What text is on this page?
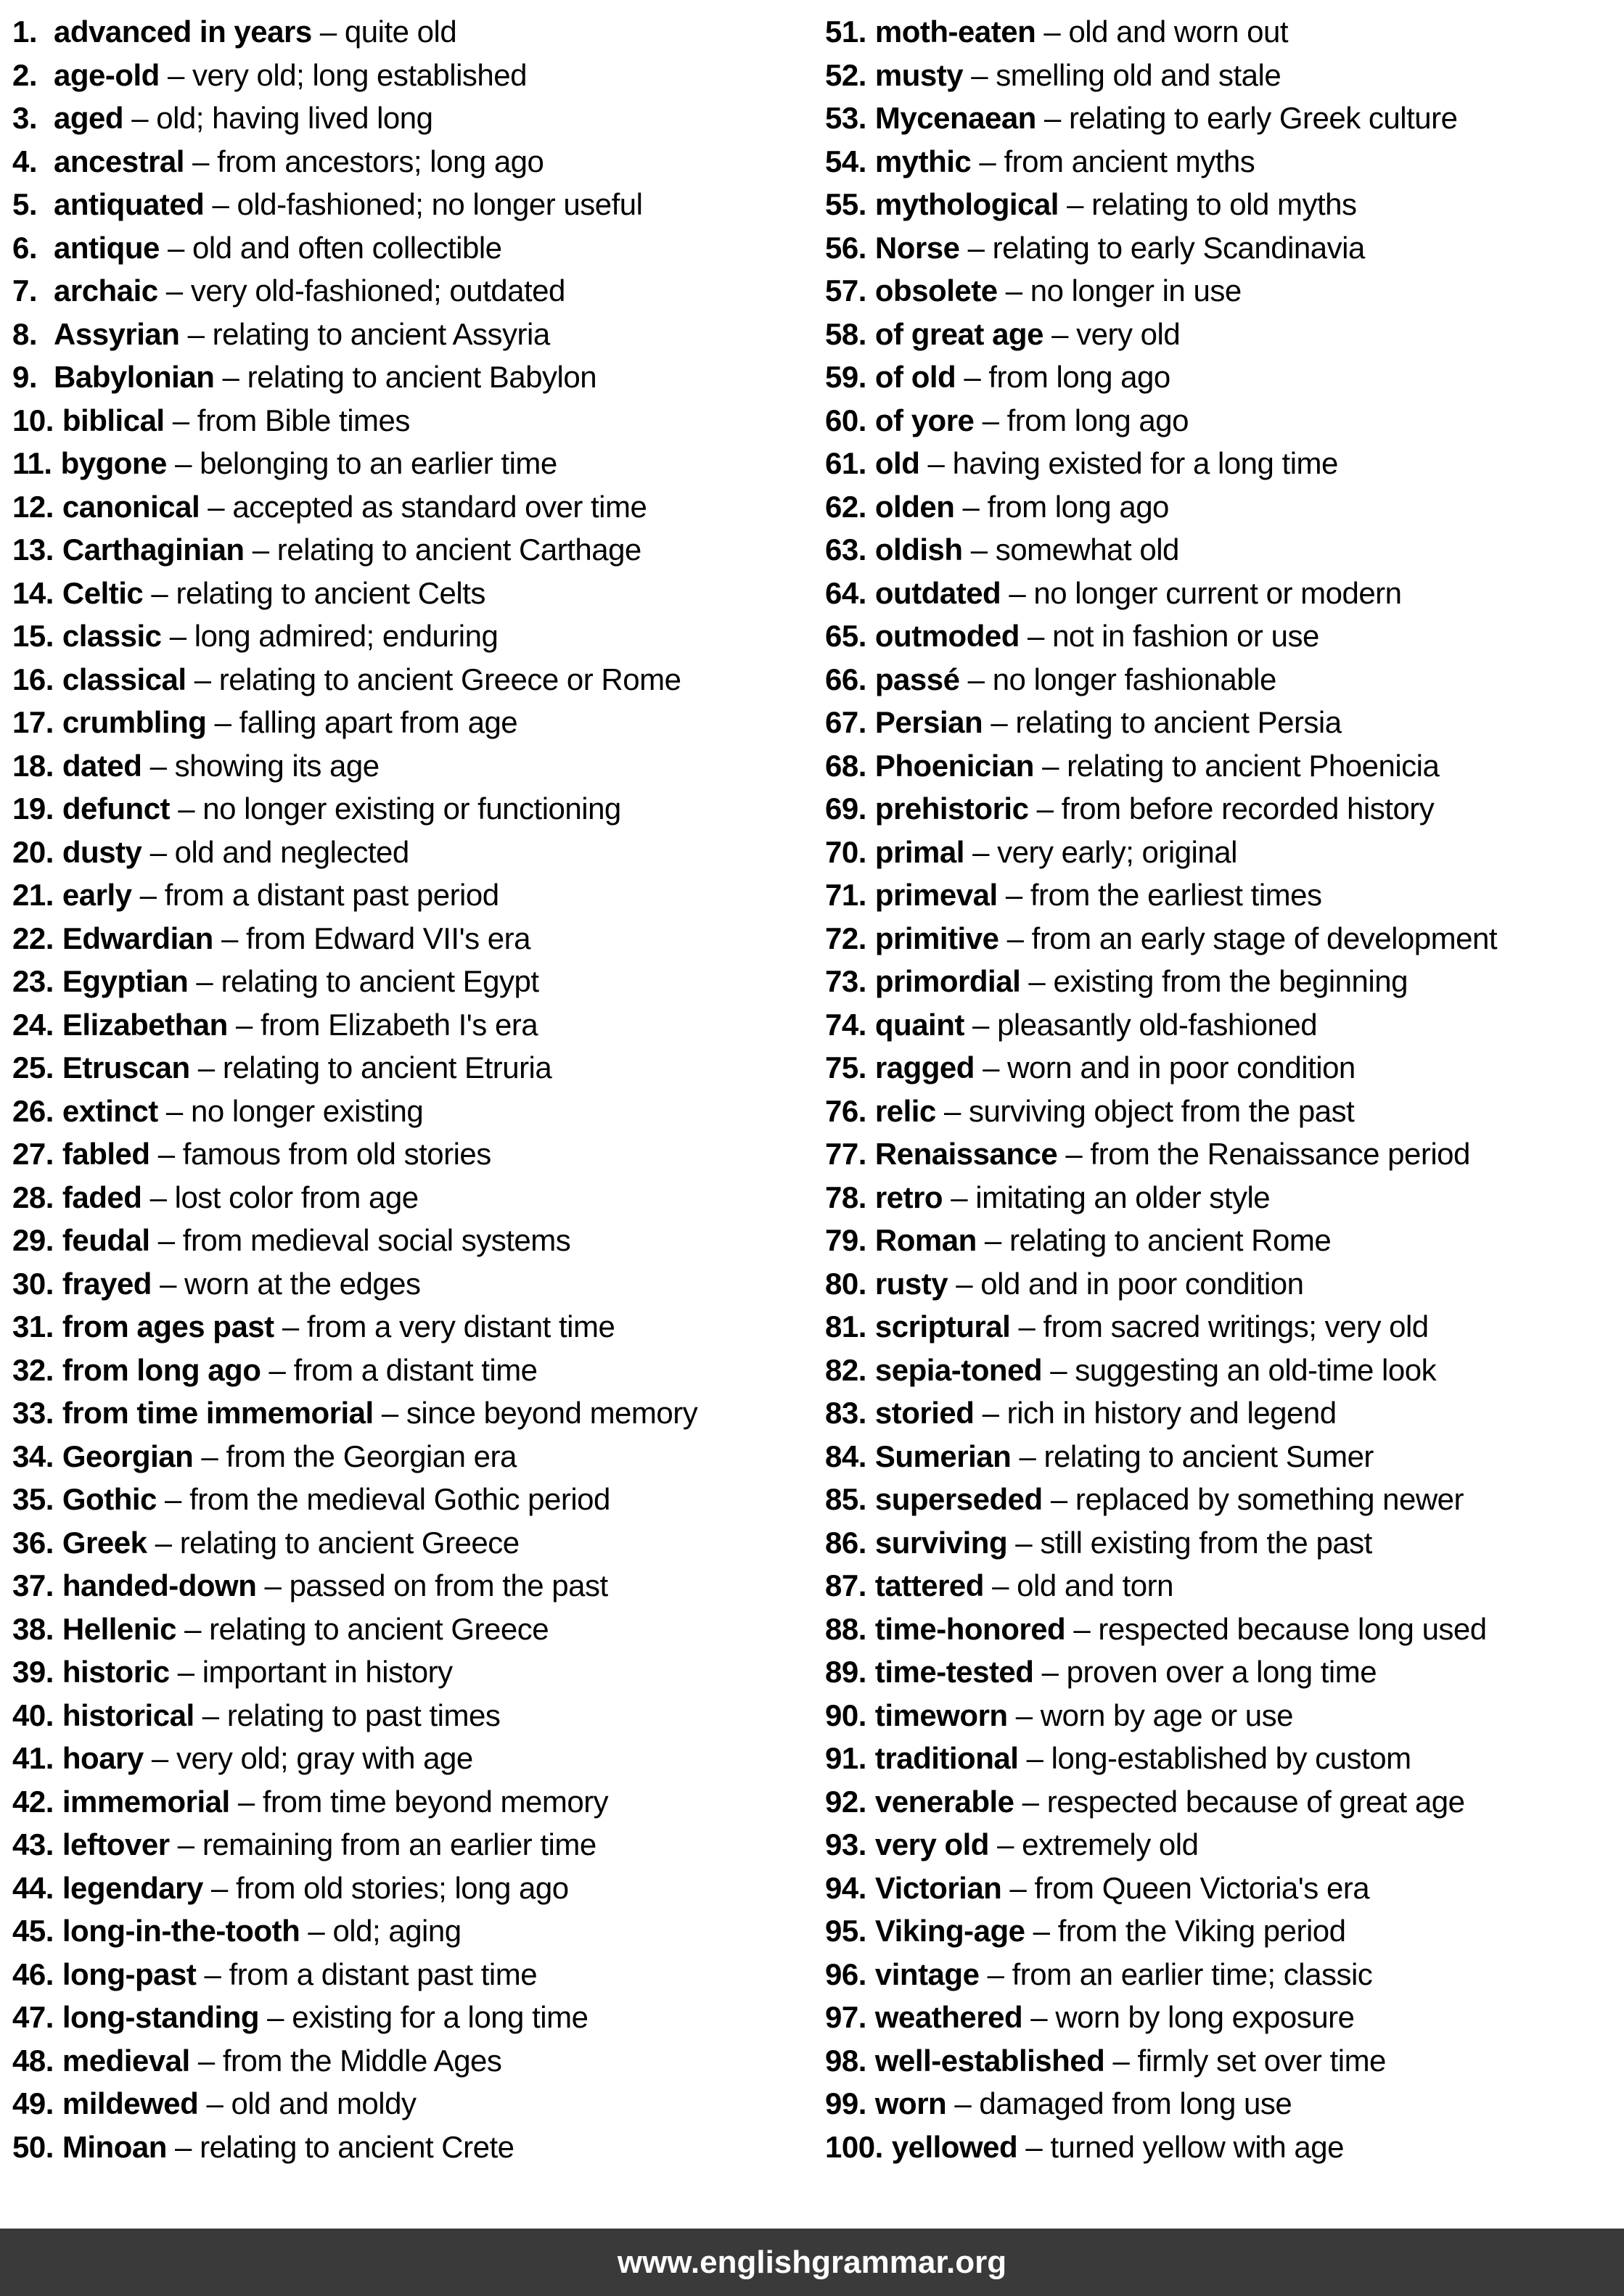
1. advanced in years – quite old
2. age-old – very old; long established
3. aged – old; having lived long
4. ancestral – from ancestors; long ago
5. antiquated – old-fashioned; no longer useful
6. antique – old and often collectible
7. archaic – very old-fashioned; outdated
8. Assyrian – relating to ancient Assyria
9. Babylonian – relating to ancient Babylon
10. biblical – from Bible times
11. bygone – belonging to an earlier time
12. canonical – accepted as standard over time
13. Carthaginian – relating to ancient Carthage
14. Celtic – relating to ancient Celts
15. classic – long admired; enduring
16. classical – relating to ancient Greece or Rome
17. crumbling – falling apart from age
18. dated – showing its age
19. defunct – no longer existing or functioning
20. dusty – old and neglected
21. early – from a distant past period
22. Edwardian – from Edward VII's era
23. Egyptian – relating to ancient Egypt
24. Elizabethan – from Elizabeth I's era
25. Etruscan – relating to ancient Etruria
26. extinct – no longer existing
27. fabled – famous from old stories
28. faded – lost color from age
29. feudal – from medieval social systems
30. frayed – worn at the edges
31. from ages past – from a very distant time
32. from long ago – from a distant time
33. from time immemorial – since beyond memory
34. Georgian – from the Georgian era
35. Gothic – from the medieval Gothic period
36. Greek – relating to ancient Greece
37. handed-down – passed on from the past
38. Hellenic – relating to ancient Greece
39. historic – important in history
40. historical – relating to past times
41. hoary – very old; gray with age
42. immemorial – from time beyond memory
43. leftover – remaining from an earlier time
44. legendary – from old stories; long ago
45. long-in-the-tooth – old; aging
46. long-past – from a distant past time
47. long-standing – existing for a long time
48. medieval – from the Middle Ages
49. mildewed – old and moldy
50. Minoan – relating to ancient Crete
51. moth-eaten – old and worn out
52. musty – smelling old and stale
53. Mycenaean – relating to early Greek culture
54. mythic – from ancient myths
55. mythological – relating to old myths
56. Norse – relating to early Scandinavia
57. obsolete – no longer in use
58. of great age – very old
59. of old – from long ago
60. of yore – from long ago
61. old – having existed for a long time
62. olden – from long ago
63. oldish – somewhat old
64. outdated – no longer current or modern
65. outmoded – not in fashion or use
66. passé – no longer fashionable
67. Persian – relating to ancient Persia
68. Phoenician – relating to ancient Phoenicia
69. prehistoric – from before recorded history
70. primal – very early; original
71. primeval – from the earliest times
72. primitive – from an early stage of development
73. primordial – existing from the beginning
74. quaint – pleasantly old-fashioned
75. ragged – worn and in poor condition
76. relic – surviving object from the past
77. Renaissance – from the Renaissance period
78. retro – imitating an older style
79. Roman – relating to ancient Rome
80. rusty – old and in poor condition
81. scriptural – from sacred writings; very old
82. sepia-toned – suggesting an old-time look
83. storied – rich in history and legend
84. Sumerian – relating to ancient Sumer
85. superseded – replaced by something newer
86. surviving – still existing from the past
87. tattered – old and torn
88. time-honored – respected because long used
89. time-tested – proven over a long time
90. timeworn – worn by age or use
91. traditional – long-established by custom
92. venerable – respected because of great age
93. very old – extremely old
94. Victorian – from Queen Victoria's era
95. Viking-age – from the Viking period
96. vintage – from an earlier time; classic
97. weathered – worn by long exposure
98. well-established – firmly set over time
99. worn – damaged from long use
100. yellowed – turned yellow with age
www.englishgrammar.org
